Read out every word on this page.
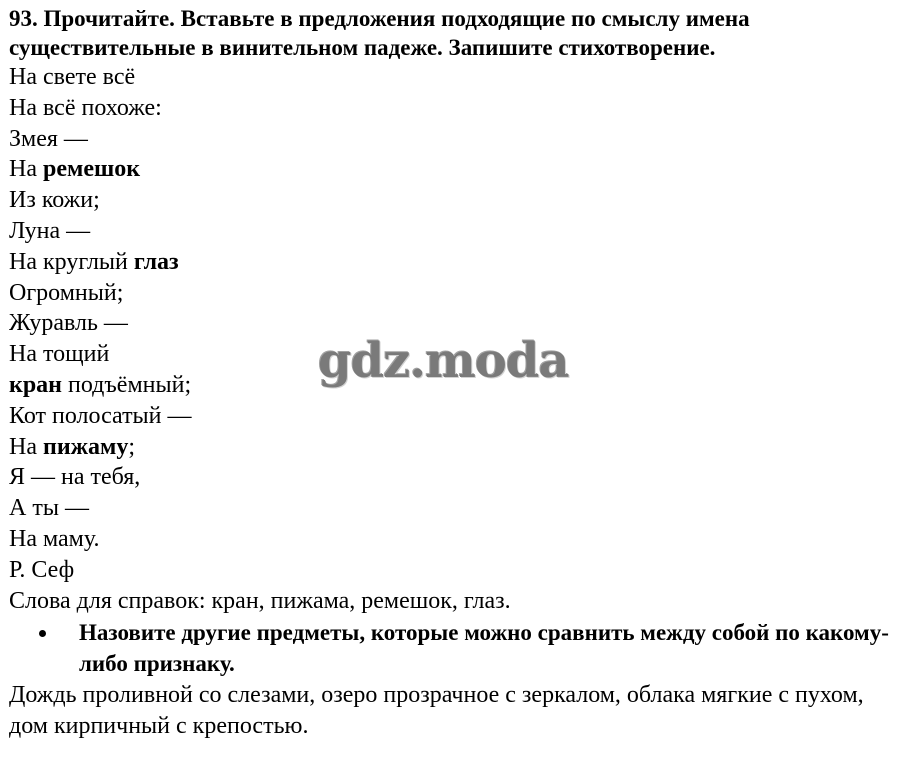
93. Прочитайте. Вставьте в предложения подходящие по смыслу имена существительные в винительном падеже. Запишите стихотворение.

На свете всё
На всё похоже:
Змея —
На ремешок
Из кожи;
Луна —
На круглый глаз
Огромный;
Журавль —
На тощий
кран подъёмный;
Кот полосатый —
На пижаму;
Я — на тебя,
А ты —
На маму.
Р. Сеф
Слова для справок: кран, пижама, ремешок, глаз.
Назовите другие предметы, которые можно сравнить между собой по какому-либо признаку.
Дождь проливной со слезами, озеро прозрачное с зеркалом, облака мягкие с пухом, дом кирпичный с крепостью.
gdz.moda
